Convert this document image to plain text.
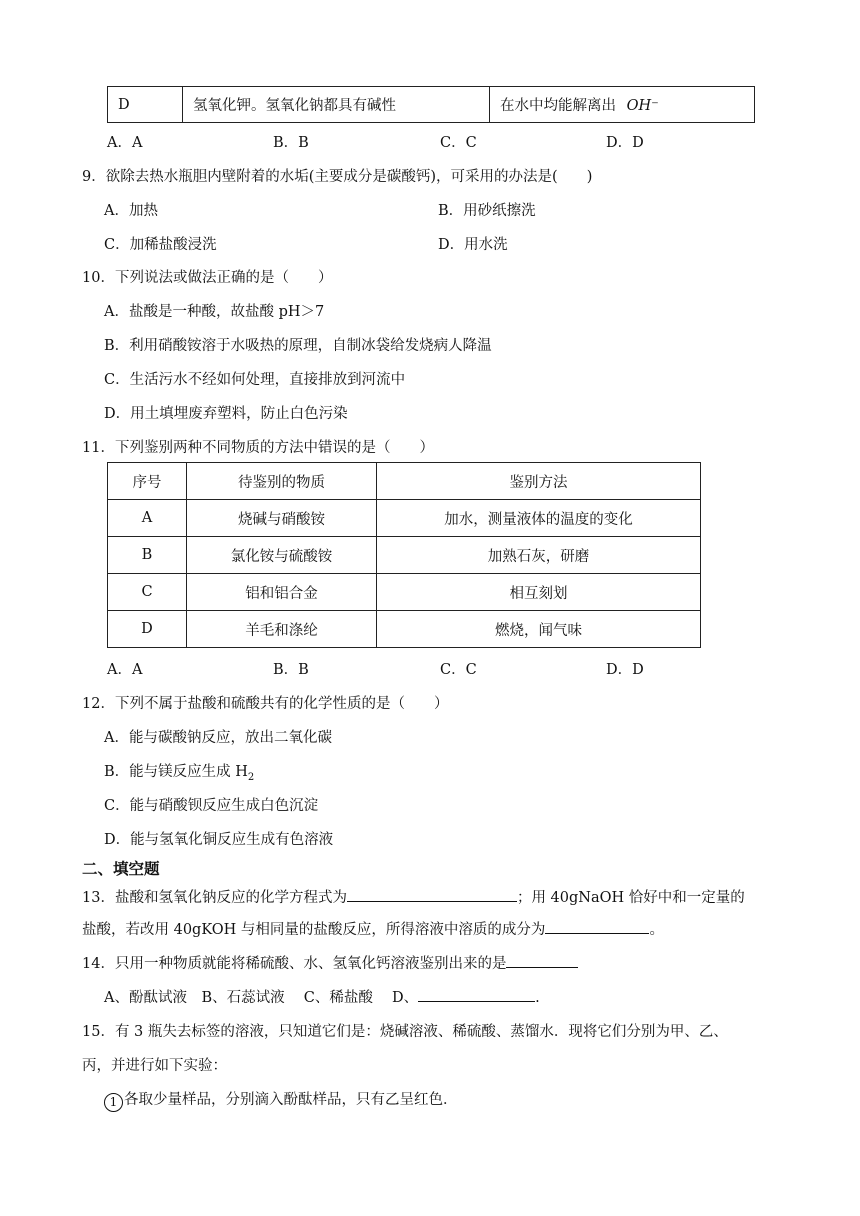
D	氢氧化钾。氢氧化钠都具有碱性	在水中均能解离出 OH⁻
A．A	B．B	C．C	D．D
9．欲除去热水瓶胆内壁附着的水垢(主要成分是碳酸钙)，可采用的办法是(　　)
A．加热	B．用砂纸擦洗
C．加稀盐酸浸洗	D．用水洗
10．下列说法或做法正确的是（　　）
A．盐酸是一种酸，故盐酸 pH＞7
B．利用硝酸铵溶于水吸热的原理，自制冰袋给发烧病人降温
C．生活污水不经如何处理，直接排放到河流中
D．用土填埋废弃塑料，防止白色污染
11．下列鉴别两种不同物质的方法中错误的是（　　）
序号	待鉴别的物质	鉴别方法
A	烧碱与硝酸铵	加水，测量液体的温度的变化
B	氯化铵与硫酸铵	加熟石灰，研磨
C	铝和铝合金	相互刻划
D	羊毛和涤纶	燃烧，闻气味
A．A	B．B	C．C	D．D
12．下列不属于盐酸和硫酸共有的化学性质的是（　　）
A．能与碳酸钠反应，放出二氧化碳
B．能与镁反应生成 $H_2$
C．能与硝酸钡反应生成白色沉淀
D．能与氢氧化铜反应生成有色溶液
二、填空题
13．盐酸和氢氧化钠反应的化学方程式为	；用 40gNaOH 恰好中和一定量的
盐酸，若改用 40gKOH 与相同量的盐酸反应，所得溶液中溶质的成分为	。
14．只用一种物质就能将稀硫酸、水、氢氧化钙溶液鉴别出来的是
A、酚酞试液　B、石蕊试液　 C、稀盐酸　 D、	.
15．有 3 瓶失去标签的溶液，只知道它们是：烧碱溶液、稀硫酸、蒸馏水．现将它们分别为甲、乙、
丙，并进行如下实验：
1 各取少量样品，分别滴入酚酞样品，只有乙呈红色．
